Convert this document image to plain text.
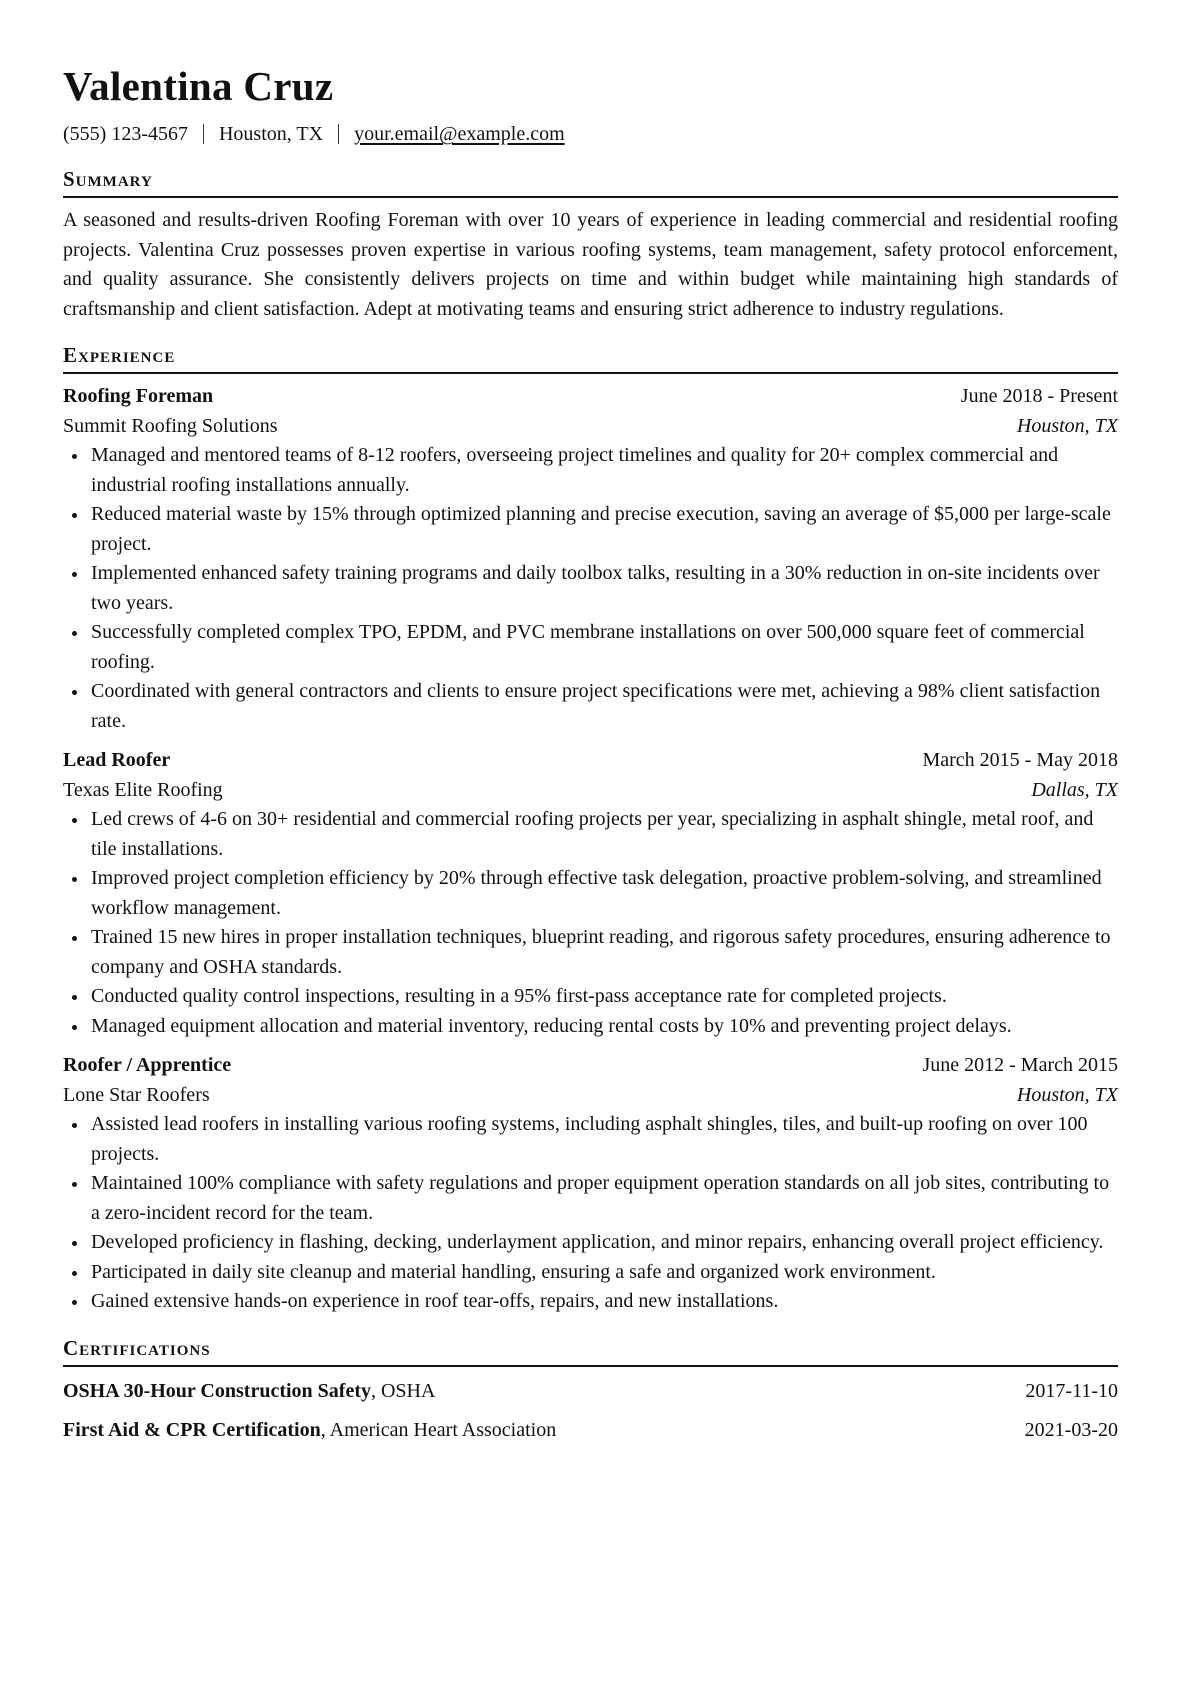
Valentina Cruz
(555) 123-4567 Houston, TX your.email@example.com
Summary

A seasoned and results-driven Roofing Foreman with over 10 years of experience in leading commercial and residential roofing projects. Valentina Cruz possesses proven expertise in various roofing systems, team management, safety protocol enforcement, and quality assurance. She consistently delivers projects on time and within budget while maintaining high standards of craftsmanship and client satisfaction. Adept at motivating teams and ensuring strict adherence to industry regulations.

Experience
Roofing Foreman	June 2018 - Present
Summit Roofing Solutions	Houston, TX
Managed and mentored teams of 8-12 roofers, overseeing project timelines and quality for 20+ complex commercial and industrial roofing installations annually.
Reduced material waste by 15% through optimized planning and precise execution, saving an average of $5,000 per large-scale project.
Implemented enhanced safety training programs and daily toolbox talks, resulting in a 30% reduction in on-site incidents over two years.
Successfully completed complex TPO, EPDM, and PVC membrane installations on over 500,000 square feet of commercial roofing.
Coordinated with general contractors and clients to ensure project specifications were met, achieving a 98% client satisfaction rate.
Lead Roofer	March 2015 - May 2018
Texas Elite Roofing	Dallas, TX
Led crews of 4-6 on 30+ residential and commercial roofing projects per year, specializing in asphalt shingle, metal roof, and tile installations.
Improved project completion efficiency by 20% through effective task delegation, proactive problem-solving, and streamlined workflow management.
Trained 15 new hires in proper installation techniques, blueprint reading, and rigorous safety procedures, ensuring adherence to company and OSHA standards.
Conducted quality control inspections, resulting in a 95% first-pass acceptance rate for completed projects.
Managed equipment allocation and material inventory, reducing rental costs by 10% and preventing project delays.
Roofer / Apprentice	June 2012 - March 2015
Lone Star Roofers	Houston, TX
Assisted lead roofers in installing various roofing systems, including asphalt shingles, tiles, and built-up roofing on over 100 projects.
Maintained 100% compliance with safety regulations and proper equipment operation standards on all job sites, contributing to a zero-incident record for the team.
Developed proficiency in flashing, decking, underlayment application, and minor repairs, enhancing overall project efficiency.
Participated in daily site cleanup and material handling, ensuring a safe and organized work environment.
Gained extensive hands-on experience in roof tear-offs, repairs, and new installations.
Certifications
OSHA 30-Hour Construction Safety, OSHA	2017-11-10
First Aid & CPR Certification, American Heart Association	2021-03-20
